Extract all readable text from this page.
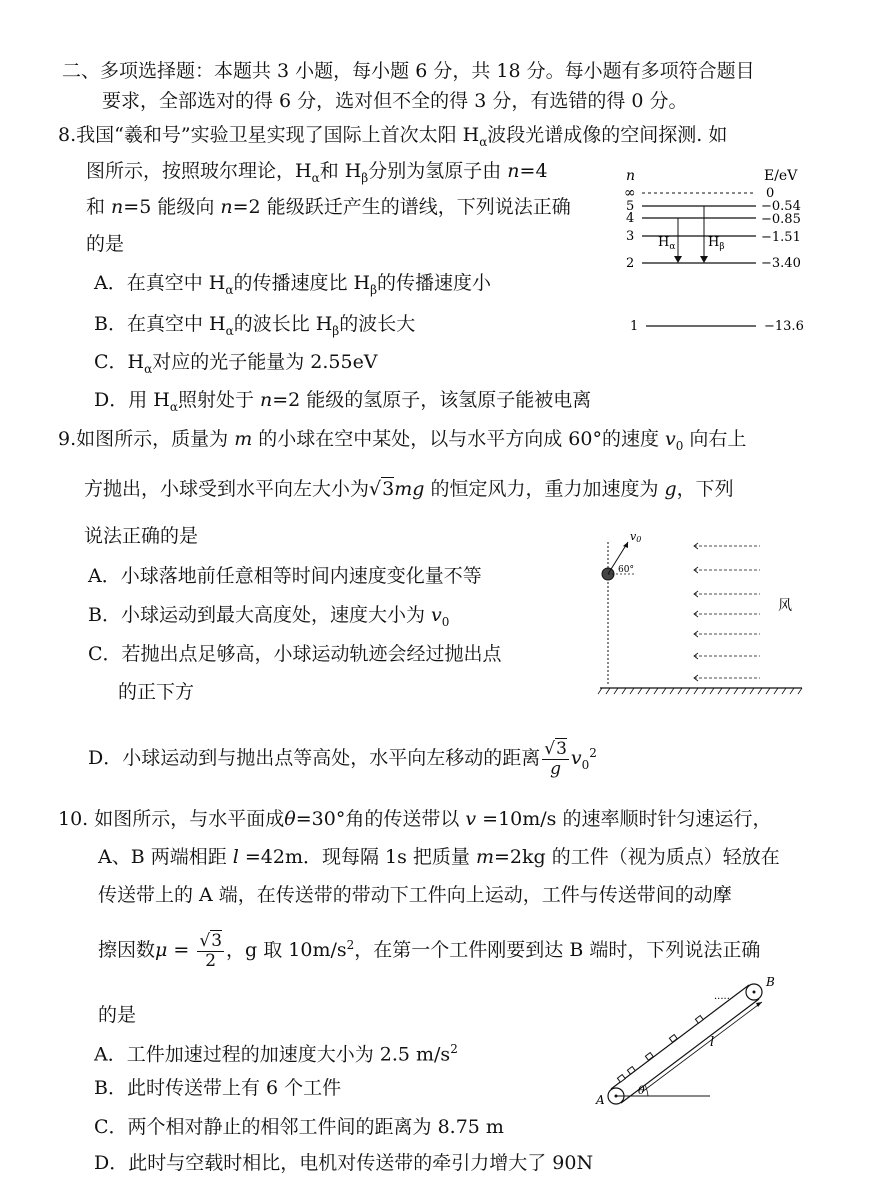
二、多项选择题：本题共 3 小题，每小题 6 分，共 18 分。每小题有多项符合题目
要求，全部选对的得 6 分，选对但不全的得 3 分，有选错的得 0 分。
8.我国“羲和号”实验卫星实现了国际上首次太阳 $H_\alpha$波段光谱成像的空间探测. 如
图所示，按照玻尔理论，$H_\alpha$和 $H_\beta$分别为氢原子由 n=4
和 n=5 能级向 n=2 能级跃迁产生的谱线，下列说法正确
的是
A．在真空中 $H_\alpha$的传播速度比 $H_\beta$的传播速度小
B．在真空中 $H_\alpha$的波长比 $H_\beta$的波长大
C．$H_\alpha$对应的光子能量为 2.55eV
D．用 $H_\alpha$照射处于 n=2 能级的氢原子，该氢原子能被电离
n	E/eV
∞	0
5	−0.54
4	−0.85
3	−1.51
2	−3.40
1	−13.6
$H_\alpha$	$H_\beta$
9.如图所示，质量为 m 的小球在空中某处，以与水平方向成 60°的速度 $v_0$ 向右上
方抛出，小球受到水平向左大小为√3mg 的恒定风力，重力加速度为 g，下列
说法正确的是
A．小球落地前任意相等时间内速度变化量不等
B．小球运动到最大高度处，速度大小为 $v_0$
C．若抛出点足够高，小球运动轨迹会经过抛出点
的正下方
D．小球运动到与抛出点等高处，水平向左移动的距离 $\frac{√3}{g} v_0^2$
v0
60°
风
10. 如图所示，与水平面成θ=30°角的传送带以 v =10m/s 的速率顺时针匀速运行，
A、B 两端相距 l =42m．现每隔 1s 把质量 m=2kg 的工件（视为质点）轻放在
传送带上的 A 端，在传送带的带动下工件向上运动，工件与传送带间的动摩
擦因数$\mu = \frac{√3}{2}$ ，g 取 $10m/s^2$，在第一个工件刚要到达 B 端时，下列说法正确
的是
A．工件加速过程的加速度大小为 2.5 $m/s^2$
B．此时传送带上有 6 个工件
C．两个相对静止的相邻工件间的距离为 8.75 m
D．此时与空载时相比，电机对传送带的牵引力增大了 90N
·····
l
A
B
θ
